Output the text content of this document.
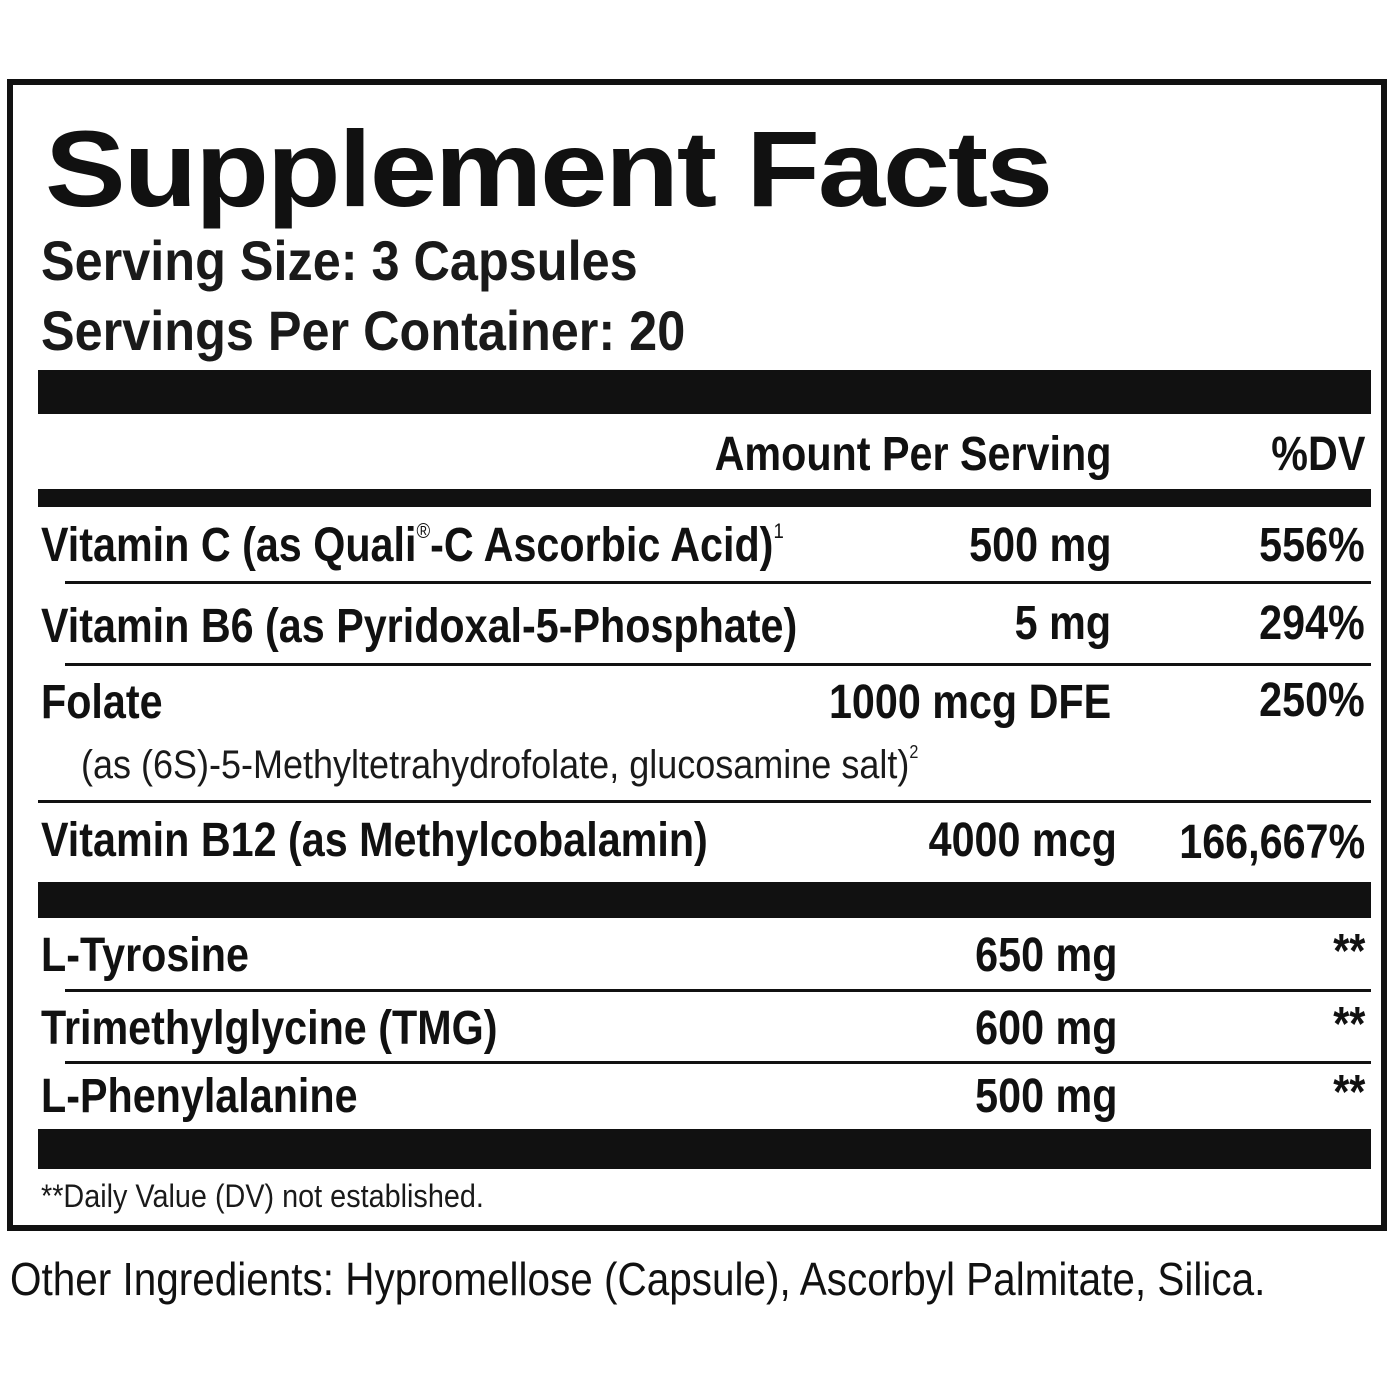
Supplement Facts
Serving Size: 3 Capsules
Servings Per Container: 20
Amount Per Serving	%DV
Vitamin C (as Quali®-C Ascorbic Acid)$^1$	500 mg	556%
Vitamin B6 (as Pyridoxal-5-Phosphate)	5 mg	294%
Folate	1000 mcg DFE	250%
(as (6S)-5-Methyltetrahydrofolate, glucosamine salt)$^2$
Vitamin B12 (as Methylcobalamin)	4000 mcg 166,667%
L-Tyrosine	650 mg	**
Trimethylglycine (TMG)	600 mg	**
L-Phenylalanine	500 mg	**
**Daily Value (DV) not established.
Other Ingredients: Hypromellose (Capsule), Ascorbyl Palmitate, Silica.
